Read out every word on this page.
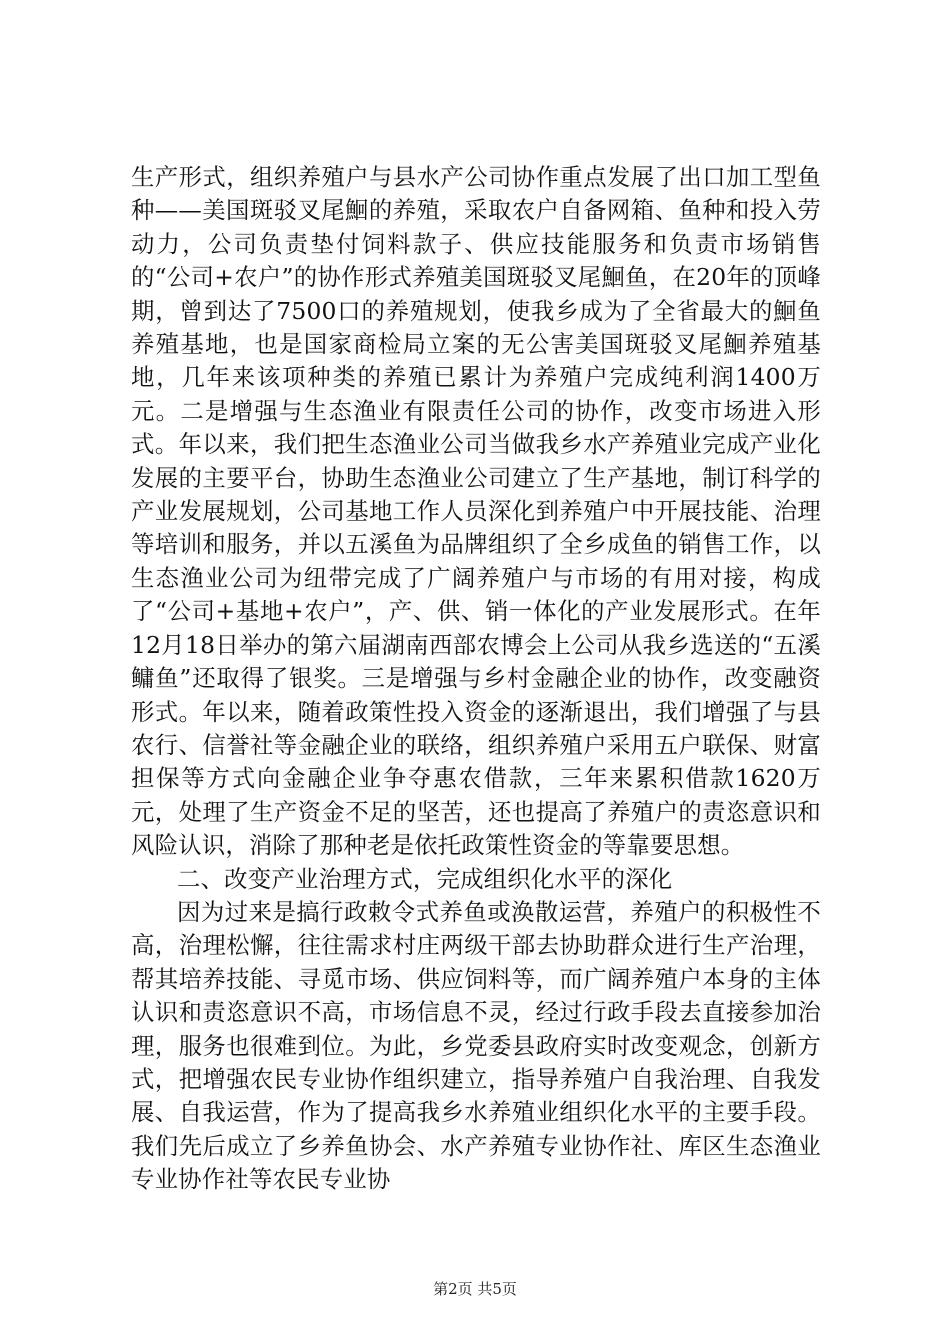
生产形式，组织养殖户与县水产公司协作重点发展了出口加工型鱼种——美国斑驳叉尾鮰的养殖，采取农户自备网箱、鱼种和投入劳动力，公司负责垫付饲料款子、供应技能服务和负责市场销售的“公司+农户”的协作形式养殖美国斑驳叉尾鮰鱼，在20年的顶峰期，曾到达了7500口的养殖规划，使我乡成为了全省最大的鮰鱼养殖基地，也是国家商检局立案的无公害美国斑驳叉尾鮰养殖基地，几年来该项种类的养殖已累计为养殖户完成纯利润1400万元。二是增强与生态渔业有限责任公司的协作，改变市场进入形式。年以来，我们把生态渔业公司当做我乡水产养殖业完成产业化发展的主要平台，协助生态渔业公司建立了生产基地，制订科学的产业发展规划，公司基地工作人员深化到养殖户中开展技能、治理等培训和服务，并以五溪鱼为品牌组织了全乡成鱼的销售工作，以生态渔业公司为纽带完成了广阔养殖户与市场的有用对接，构成了“公司+基地+农户”，产、供、销一体化的产业发展形式。在年12月18日举办的第六届湖南西部农博会上公司从我乡选送的“五溪鳙鱼”还取得了银奖。三是增强与乡村金融企业的协作，改变融资形式。年以来，随着政策性投入资金的逐渐退出，我们增强了与县农行、信誉社等金融企业的联络，组织养殖户采用五户联保、财富担保等方式向金融企业争夺惠农借款，三年来累积借款1620万元，处理了生产资金不足的坚苦，还也提高了养殖户的责恣意识和风险认识，消除了那种老是依托政策性资金的等靠要思想。

二、改变产业治理方式，完成组织化水平的深化

因为过来是搞行政敕令式养鱼或涣散运营，养殖户的积极性不高，治理松懈，往往需求村庄两级干部去协助群众进行生产治理，帮其培养技能、寻觅市场、供应饲料等，而广阔养殖户本身的主体认识和责恣意识不高，市场信息不灵，经过行政手段去直接参加治理，服务也很难到位。为此，乡党委县政府实时改变观念，创新方式，把增强农民专业协作组织建立，指导养殖户自我治理、自我发展、自我运营，作为了提高我乡水养殖业组织化水平的主要手段。我们先后成立了乡养鱼协会、水产养殖专业协作社、库区生态渔业专业协作社等农民专业协

第2页 共5页
